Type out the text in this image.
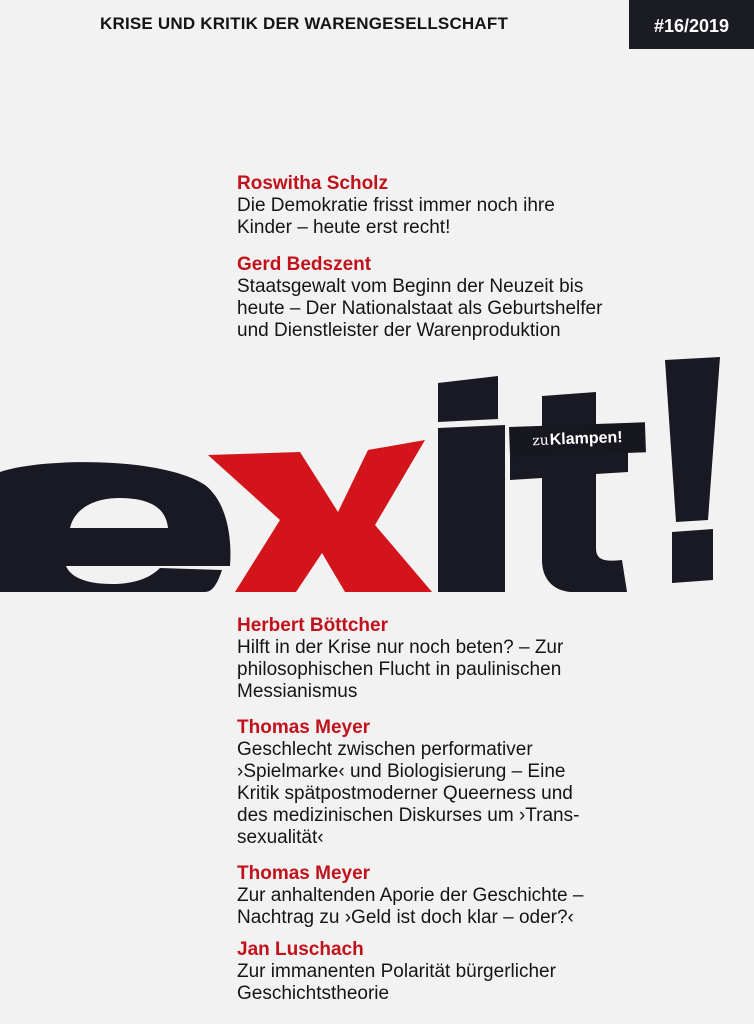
KRISE UND KRITIK DER WARENGESELLSCHAFT	#16/2019
Roswitha Scholz
Die Demokratie frisst immer noch ihre
Kinder – heute erst recht!
Gerd Bedszent
Staatsgewalt vom Beginn der Neuzeit bis
heute – Der Nationalstaat als Geburtshelfer
und Dienstleister der Warenproduktion
zu Klampen!
Herbert Böttcher
Hilft in der Krise nur noch beten? – Zur
philosophischen Flucht in paulinischen
Messianismus
Thomas Meyer
Geschlecht zwischen performativer
›Spielmarke‹ und Biologisierung – Eine
Kritik spätpostmoderner Queerness und
des medizinischen Diskurses um ›Trans-
sexualität‹
Thomas Meyer
Zur anhaltenden Aporie der Geschichte –
Nachtrag zu ›Geld ist doch klar – oder?‹
Jan Luschach
Zur immanenten Polarität bürgerlicher
Geschichtstheorie
